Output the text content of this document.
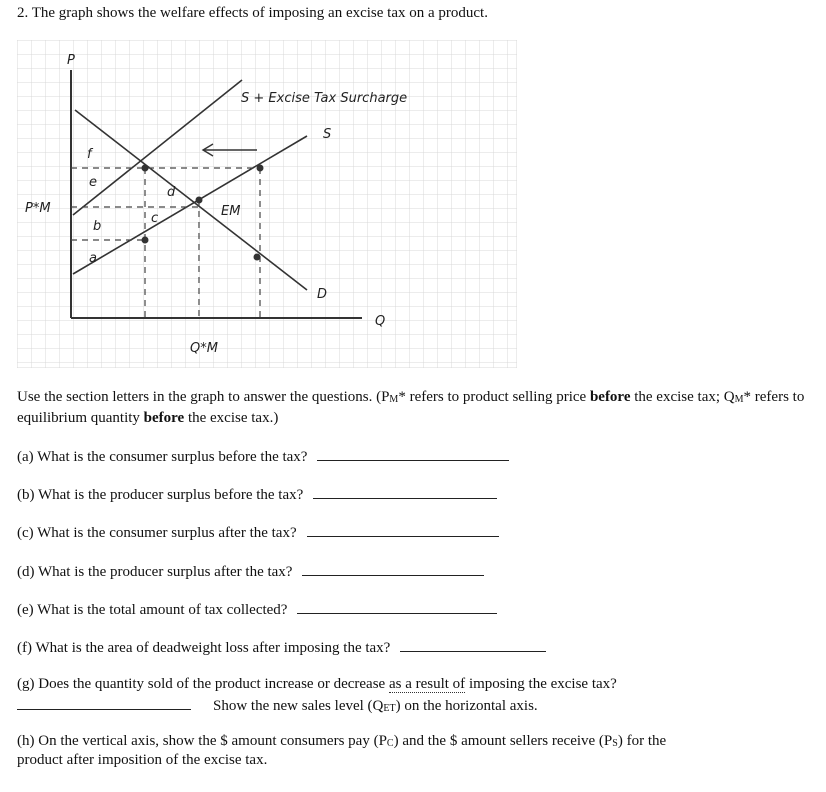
2. The graph shows the welfare effects of imposing an excise tax on a product.
P
S + Excise Tax Surcharge
S
D
Q
P*M
Q*M
EM
f
e
b
a
d
c
Use the section letters in the graph to answer the questions. ($P_M*$ refers to product selling price before the excise tax; $Q_M*$ refers to equilibrium quantity before the excise tax.)
(a) What is the consumer surplus before the tax?
(b) What is the producer surplus before the tax?
(c) What is the consumer surplus after the tax?
(d) What is the producer surplus after the tax?
(e) What is the total amount of tax collected?
(f) What is the area of deadweight loss after imposing the tax?
(g) Does the quantity sold of the product increase or decrease as a result of imposing the excise tax?
Show the new sales level $(Q_{ET})$ on the horizontal axis.
(h) On the vertical axis, show the $ amount consumers pay $(P_C)$ and the $ amount sellers receive $(P_S)$ for the
product after imposition of the excise tax.
